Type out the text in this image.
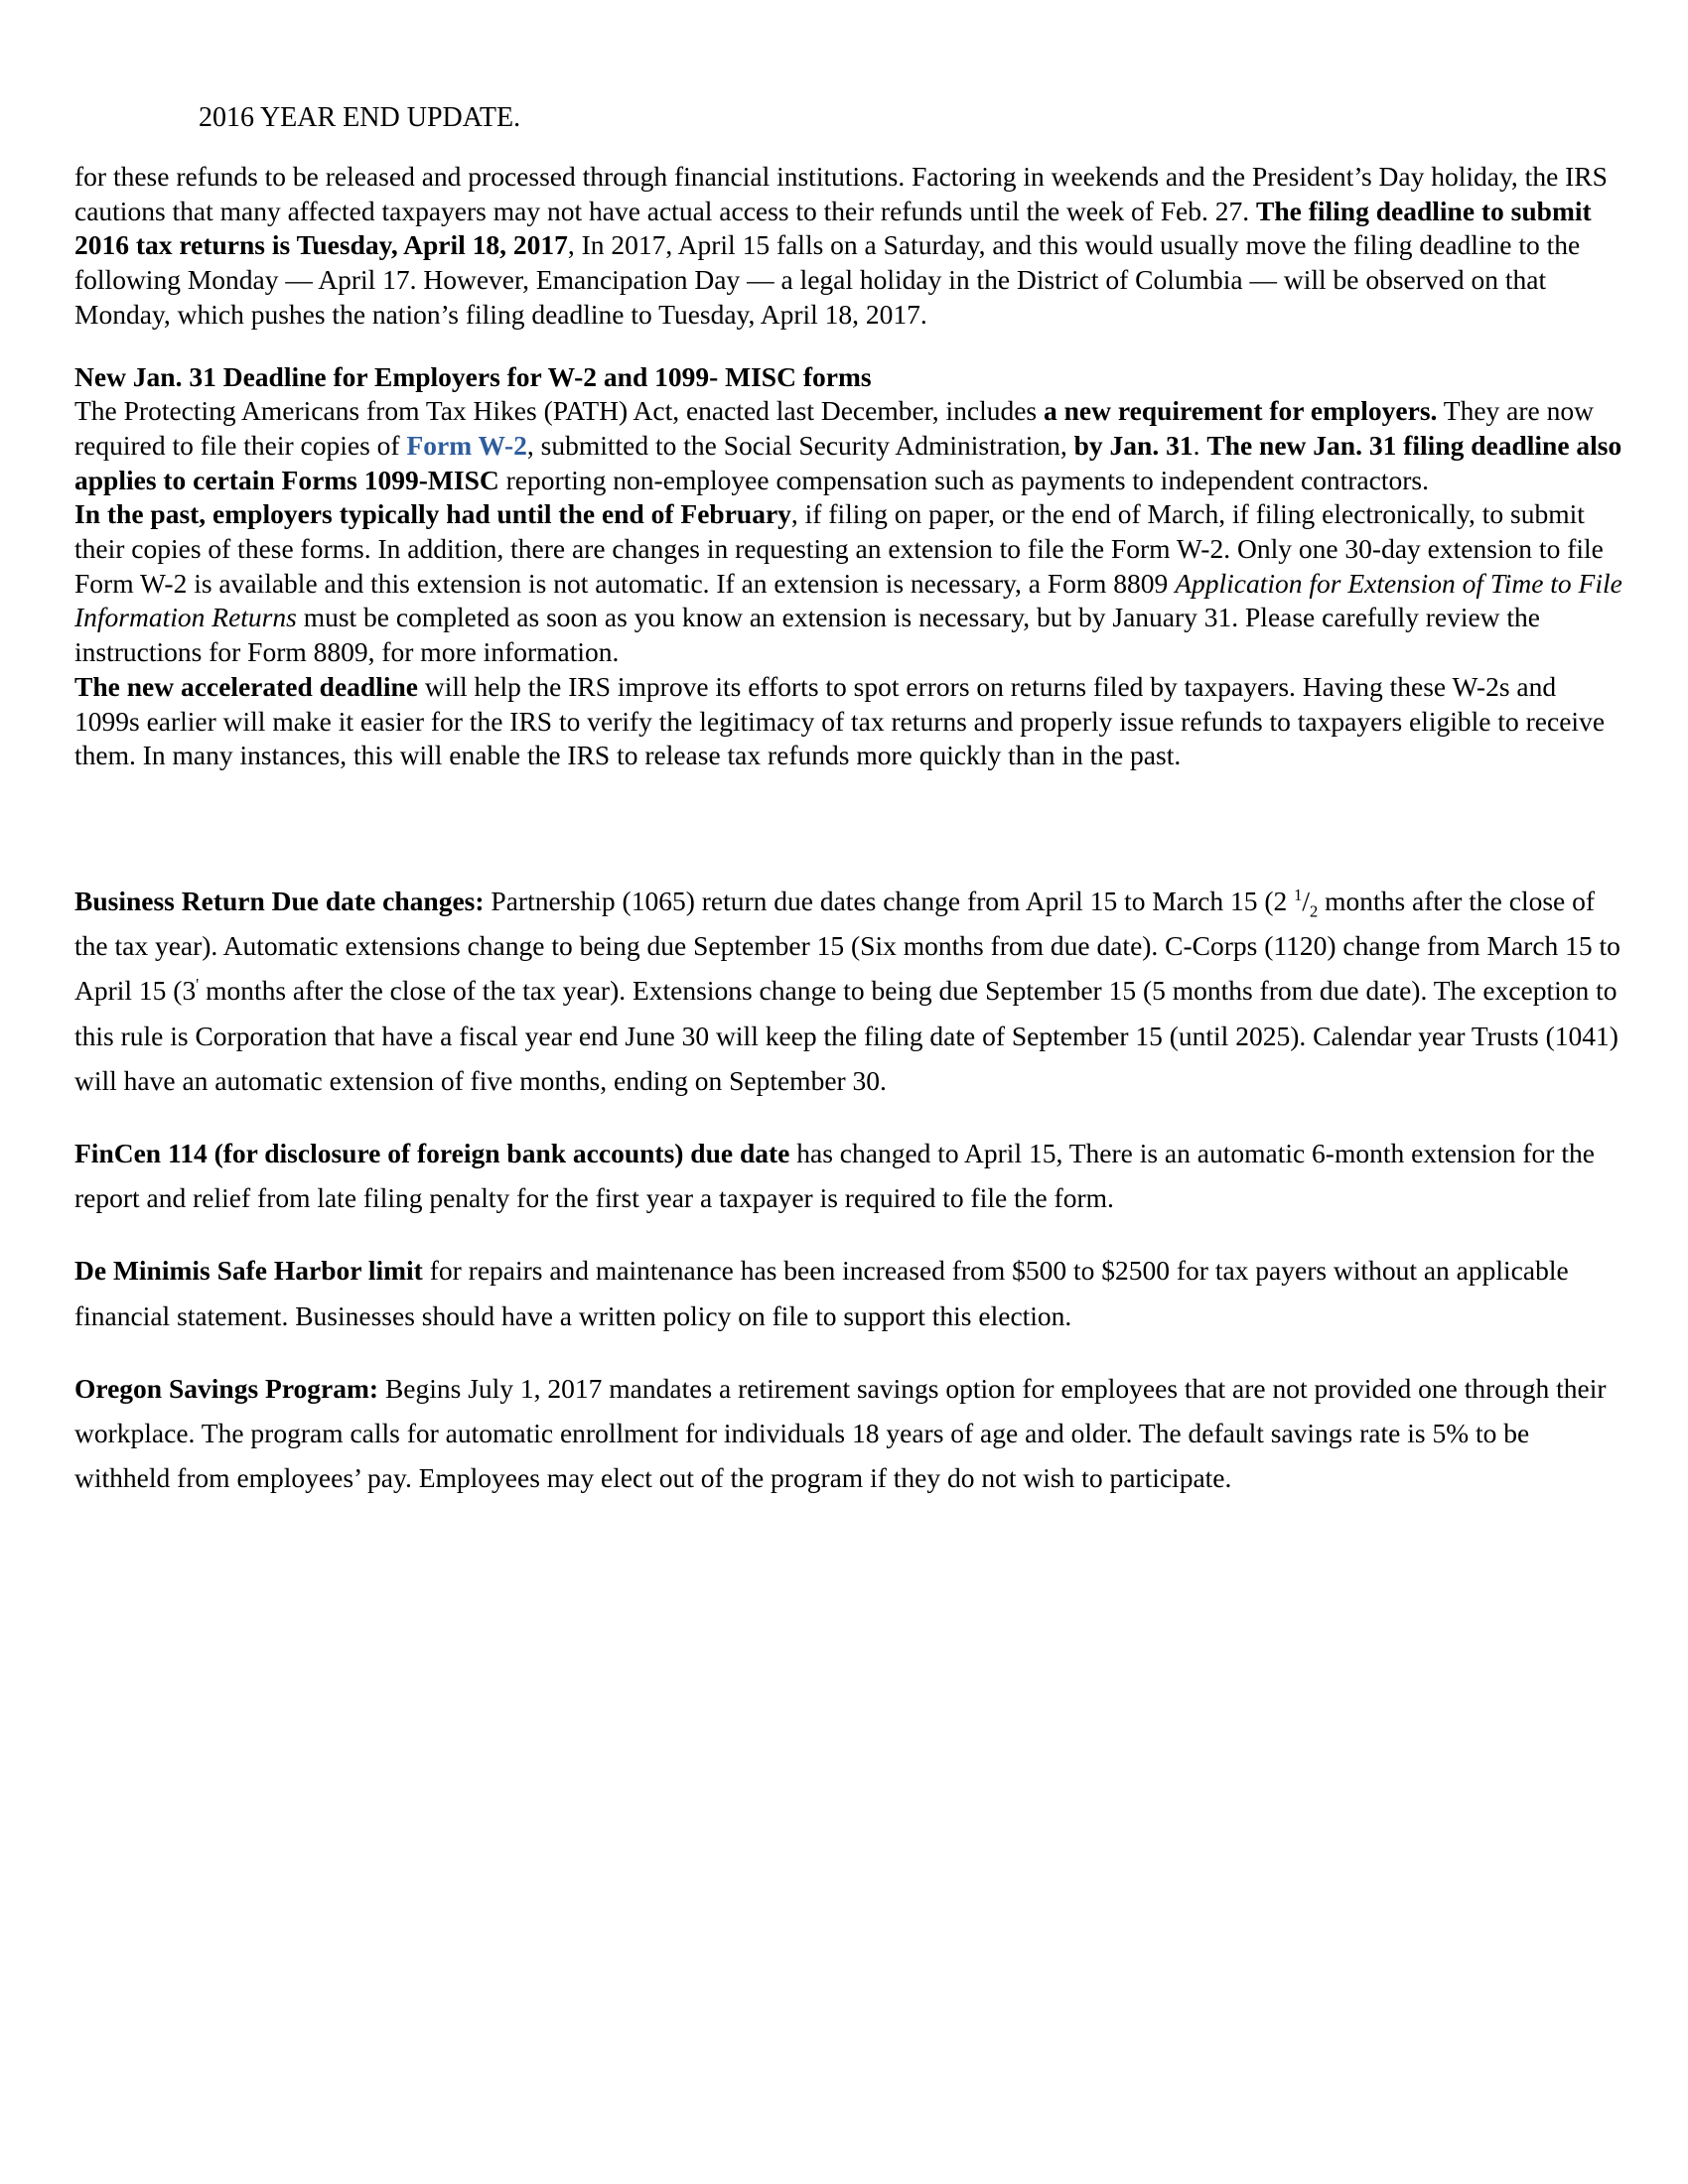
2016 YEAR END UPDATE.

for these refunds to be released and processed through financial institutions. Factoring in weekends and the President’s Day holiday, the IRS cautions that many affected taxpayers may not have actual access to their refunds until the week of Feb. 27. The filing deadline to submit 2016 tax returns is Tuesday, April 18, 2017, In 2017, April 15 falls on a Saturday, and this would usually move the filing deadline to the following Monday — April 17. However, Emancipation Day — a legal holiday in the District of Columbia — will be observed on that Monday, which pushes the nation’s filing deadline to Tuesday, April 18, 2017.

New Jan. 31 Deadline for Employers for W-2 and 1099- MISC forms

The Protecting Americans from Tax Hikes (PATH) Act, enacted last December, includes a new requirement for employers. They are now required to file their copies of Form W-2, submitted to the Social Security Administration, by Jan. 31. The new Jan. 31 filing deadline also applies to certain Forms 1099-MISC reporting non-employee compensation such as payments to independent contractors.

In the past, employers typically had until the end of February, if filing on paper, or the end of March, if filing electronically, to submit their copies of these forms. In addition, there are changes in requesting an extension to file the Form W-2. Only one 30-day extension to file Form W-2 is available and this extension is not automatic. If an extension is necessary, a Form 8809 Application for Extension of Time to File Information Returns must be completed as soon as you know an extension is necessary, but by January 31. Please carefully review the instructions for Form 8809, for more information.

The new accelerated deadline will help the IRS improve its efforts to spot errors on returns filed by taxpayers. Having these W-2s and 1099s earlier will make it easier for the IRS to verify the legitimacy of tax returns and properly issue refunds to taxpayers eligible to receive them. In many instances, this will enable the IRS to release tax refunds more quickly than in the past.

Business Return Due date changes: Partnership (1065) return due dates change from April 15 to March 15 (2 $^1/_2$ months after the close of the tax year). Automatic extensions change to being due September 15 (Six months from due date). C-Corps (1120) change from March 15 to April 15 (3' months after the close of the tax year). Extensions change to being due September 15 (5 months from due date). The exception to this rule is Corporation that have a fiscal year end June 30 will keep the filing date of September 15 (until 2025). Calendar year Trusts (1041) will have an automatic extension of five months, ending on September 30.

FinCen 114 (for disclosure of foreign bank accounts) due date has changed to April 15, There is an automatic 6-month extension for the report and relief from late filing penalty for the first year a taxpayer is required to file the form.

De Minimis Safe Harbor limit for repairs and maintenance has been increased from $500 to $2500 for tax payers without an applicable financial statement. Businesses should have a written policy on file to support this election.

Oregon Savings Program: Begins July 1, 2017 mandates a retirement savings option for employees that are not provided one through their workplace. The program calls for automatic enrollment for individuals 18 years of age and older. The default savings rate is 5% to be withheld from employees’ pay. Employees may elect out of the program if they do not wish to participate.
